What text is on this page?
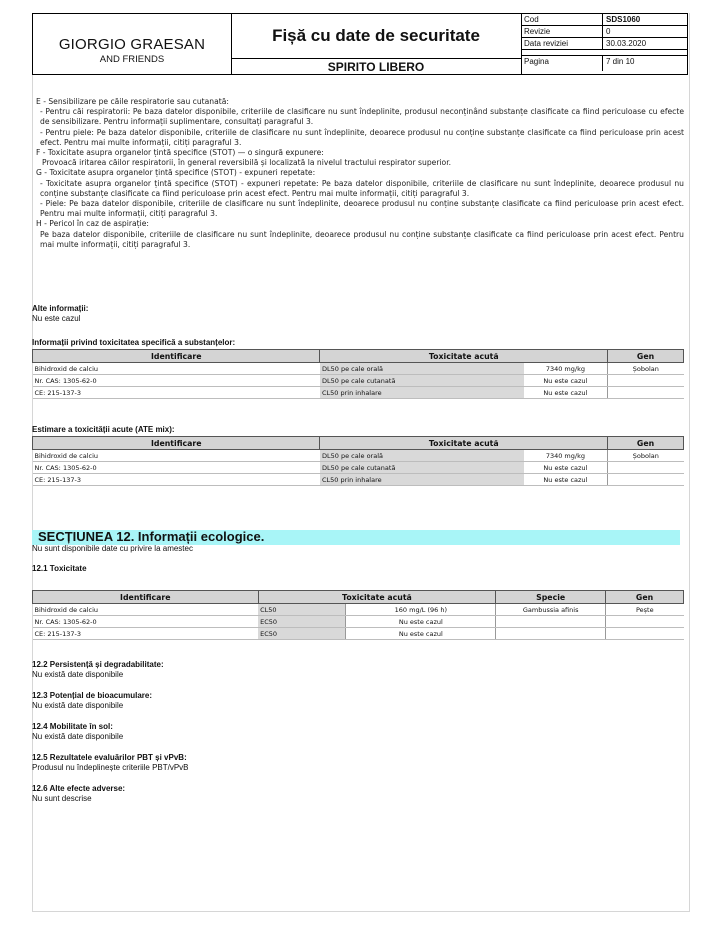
GIORGIO GRAESAN
AND FRIENDS
Fișă cu date de securitate
SPIRITO LIBERO
Cod	SDS1060
Revizie	0
Data reviziei	30.03.2020
Pagina	7 din 10

E - Sensibilizare pe căile respiratorie sau cutanată:

- Pentru căi respiratorii: Pe baza datelor disponibile, criteriile de clasificare nu sunt îndeplinite, produsul neconținând substanțe clasificate ca fiind periculoase cu efecte de sensibilizare. Pentru informații suplimentare, consultați paragraful 3.

- Pentru piele: Pe baza datelor disponibile, criteriile de clasificare nu sunt îndeplinite, deoarece produsul nu conține substanțe clasificate ca fiind periculoase prin acest efect. Pentru mai multe informații, citiți paragraful 3.

F - Toxicitate asupra organelor țintă specifice (STOT) — o singură expunere:

Provoacă iritarea căilor respiratorii, în general reversibilă și localizată la nivelul tractului respirator superior.

G - Toxicitate asupra organelor țintă specifice (STOT) - expuneri repetate:

- Toxicitate asupra organelor țintă specifice (STOT) - expuneri repetate: Pe baza datelor disponibile, criteriile de clasificare nu sunt îndeplinite, deoarece produsul nu conține substanțe clasificate ca fiind periculoase prin acest efect. Pentru mai multe informații, citiți paragraful 3.

- Piele: Pe baza datelor disponibile, criteriile de clasificare nu sunt îndeplinite, deoarece produsul nu conține substanțe clasificate ca fiind periculoase prin acest efect. Pentru mai multe informații, citiți paragraful 3.

H - Pericol în caz de aspirație:

Pe baza datelor disponibile, criteriile de clasificare nu sunt îndeplinite, deoarece produsul nu conține substanțe clasificate ca fiind periculoase prin acest efect. Pentru mai multe informații, citiți paragraful 3.

Alte informații:
Nu este cazul
Informații privind toxicitatea specifică a substanțelor:
Identificare	Toxicitate acută		Gen
Bihidroxid de calciu	DL50 pe cale orală	7340 mg/kg	Șobolan
Nr. CAS: 1305-62-0	DL50 pe cale cutanată	Nu este cazul	
CE: 215-137-3	CL50 prin inhalare	Nu este cazul	
Estimare a toxicității acute (ATE mix):
Identificare	Toxicitate acută		Gen
Bihidroxid de calciu	DL50 pe cale orală	7340 mg/kg	Șobolan
Nr. CAS: 1305-62-0	DL50 pe cale cutanată	Nu este cazul	
CE: 215-137-3	CL50 prin inhalare	Nu este cazul	
SECȚIUNEA 12. Informații ecologice.
Nu sunt disponibile date cu privire la amestec
12.1 Toxicitate
Identificare	Toxicitate acută		Specie	Gen
Bihidroxid de calciu	CL50	160 mg/L (96 h)	Gambussia afinis	Pește
Nr. CAS: 1305-62-0	EC50	Nu este cazul		
CE: 215-137-3	EC50	Nu este cazul		
12.2 Persistență și degradabilitate:
Nu există date disponibile
12.3 Potențial de bioacumulare:
Nu există date disponibile
12.4 Mobilitate în sol:
Nu există date disponibile
12.5 Rezultatele evaluărilor PBT și vPvB:
Produsul nu îndeplinește criteriile PBT/vPvB
12.6 Alte efecte adverse:
Nu sunt descrise
